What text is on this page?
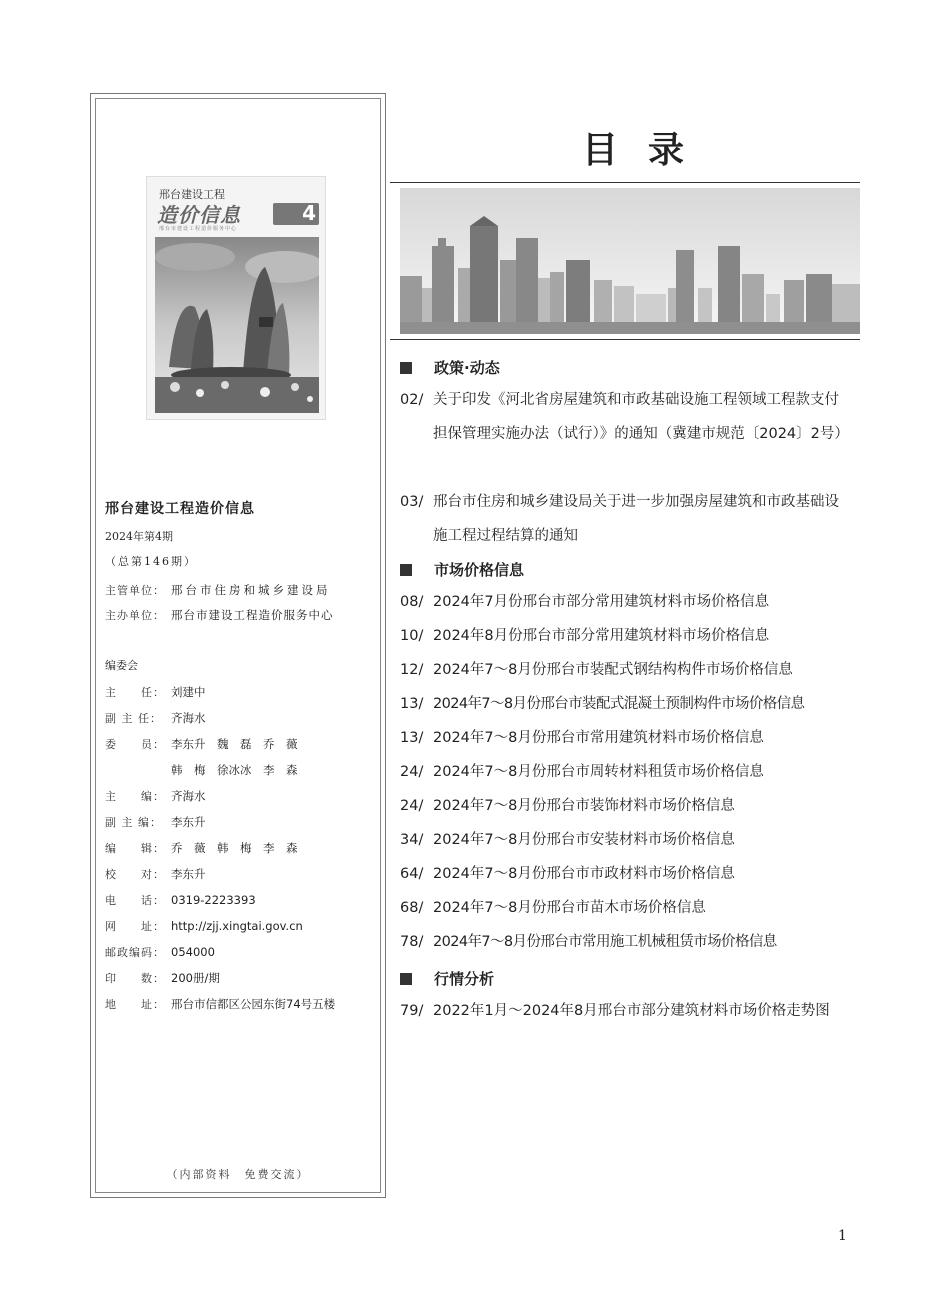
邢台建设工程
造价信息
邢台市建设工程造价服务中心
4
邢台建设工程造价信息
2024年第4期
（总第146期）
主管单位： 邢台市住房和城乡建设局
主办单位： 邢台市建设工程造价服务中心
编委会
主　　任： 刘建中
副 主 任： 齐海水
委　　员： 李东升　魏　磊　乔　薇
韩　梅　徐冰冰　李　森
主　　编： 齐海水
副 主 编： 李东升
编　　辑： 乔　薇　韩　梅　李　森
校　　对： 李东升
电　　话： 0319-2223393
网　　址： http://zjj.xingtai.gov.cn
邮政编码： 054000
印　　数： 200册/期
地　　址： 邢台市信都区公园东街74号五楼
（内部资料　免费交流）
目录
政策·动态
02/ 关于印发《河北省房屋建筑和市政基础设施工程领域工程款支付担保管理实施办法（试行）》的通知（冀建市规范〔2024〕2号）
03/ 邢台市住房和城乡建设局关于进一步加强房屋建筑和市政基础设施工程过程结算的通知
市场价格信息
08/ 2024年7月份邢台市部分常用建筑材料市场价格信息
10/ 2024年8月份邢台市部分常用建筑材料市场价格信息
12/ 2024年7～8月份邢台市装配式钢结构构件市场价格信息
13/ 2024年7～8月份邢台市装配式混凝土预制构件市场价格信息
13/ 2024年7～8月份邢台市常用建筑材料市场价格信息
24/ 2024年7～8月份邢台市周转材料租赁市场价格信息
24/ 2024年7～8月份邢台市装饰材料市场价格信息
34/ 2024年7～8月份邢台市安装材料市场价格信息
64/ 2024年7～8月份邢台市市政材料市场价格信息
68/ 2024年7～8月份邢台市苗木市场价格信息
78/ 2024年7～8月份邢台市常用施工机械租赁市场价格信息
行情分析
79/ 2022年1月～2024年8月邢台市部分建筑材料市场价格走势图
1
